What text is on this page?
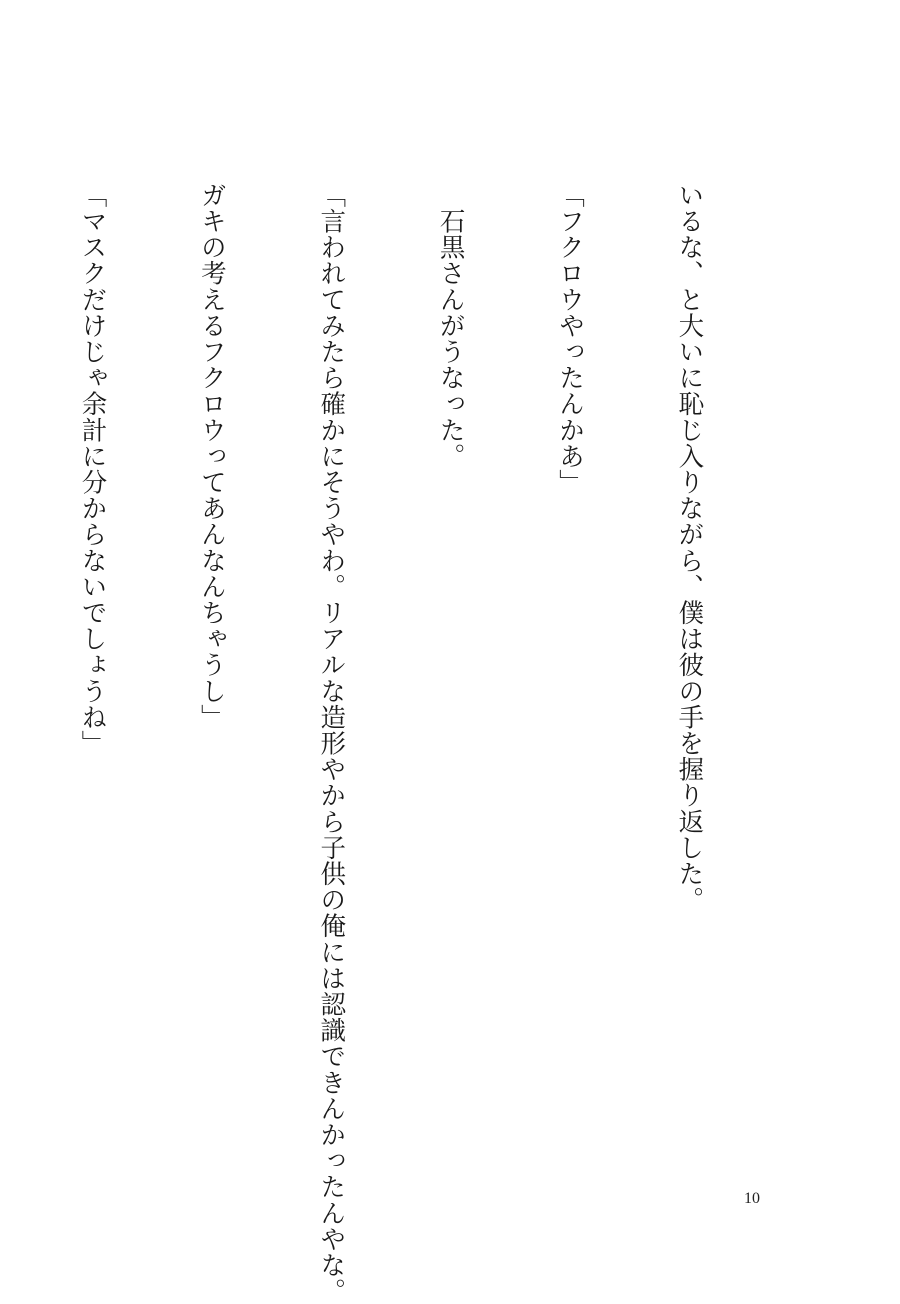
いるな、と大いに恥じ入りながら、僕は彼の手を握り返した。

「フクロウやったんかあ」

　石黒さんがうなった。

「言われてみたら確かにそうやわ。リアルな造形やから子供の俺には認識できんかったんやな。

ガキの考えるフクロウってあんなんちゃうし」

「マスクだけじゃ余計に分からないでしょうね」

10
